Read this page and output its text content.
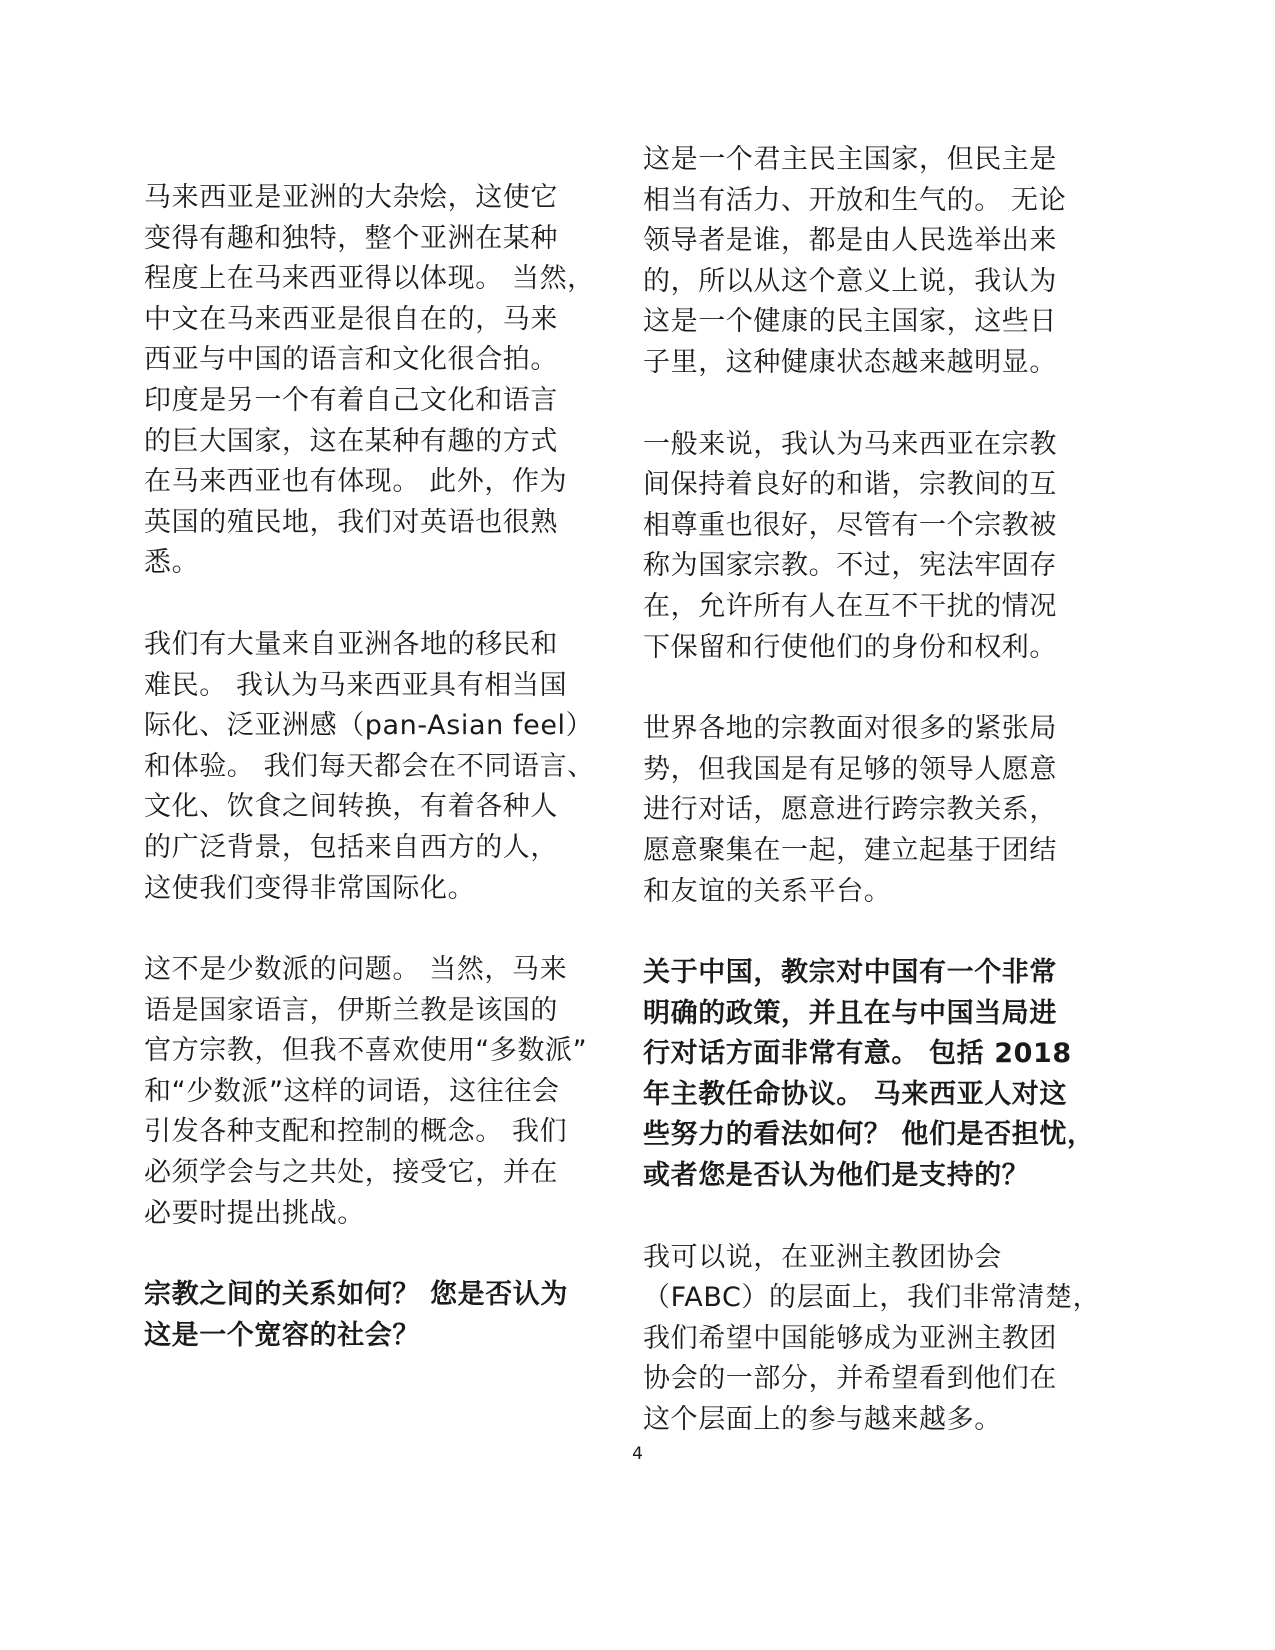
马来西亚是亚洲的大杂烩，这使它
变得有趣和独特，整个亚洲在某种
程度上在马来西亚得以体现。 当然，
中文在马来西亚是很自在的，马来
西亚与中国的语言和文化很合拍。
印度是另一个有着自己文化和语言
的巨大国家，这在某种有趣的方式
在马来西亚也有体现。 此外，作为
英国的殖民地，我们对英语也很熟
悉。

我们有大量来自亚洲各地的移民和
难民。 我认为马来西亚具有相当国
际化、泛亚洲感（pan-Asian feel）
和体验。 我们每天都会在不同语言、
文化、饮食之间转换，有着各种人
的广泛背景，包括来自西方的人，
这使我们变得非常国际化。

这不是少数派的问题。 当然，马来
语是国家语言，伊斯兰教是该国的
官方宗教，但我不喜欢使用“多数派”
和“少数派”这样的词语，这往往会
引发各种支配和控制的概念。 我们
必须学会与之共处，接受它，并在
必要时提出挑战。

宗教之间的关系如何？ 您是否认为
这是一个宽容的社会？

这是一个君主民主国家，但民主是
相当有活力、开放和生气的。 无论
领导者是谁，都是由人民选举出来
的，所以从这个意义上说，我认为
这是一个健康的民主国家，这些日
子里，这种健康状态越来越明显。

一般来说，我认为马来西亚在宗教
间保持着良好的和谐，宗教间的互
相尊重也很好，尽管有一个宗教被
称为国家宗教。不过，宪法牢固存
在，允许所有人在互不干扰的情况
下保留和行使他们的身份和权利。

世界各地的宗教面对很多的紧张局
势，但我国是有足够的领导人愿意
进行对话，愿意进行跨宗教关系，
愿意聚集在一起，建立起基于团结
和友谊的关系平台。

关于中国，教宗对中国有一个非常
明确的政策，并且在与中国当局进
行对话方面非常有意。 包括 2018
年主教任命协议。 马来西亚人对这
些努力的看法如何？ 他们是否担忧，
或者您是否认为他们是支持的？

我可以说，在亚洲主教团协会
（FABC）的层面上，我们非常清楚，
我们希望中国能够成为亚洲主教团
协会的一部分，并希望看到他们在
这个层面上的参与越来越多。

4
